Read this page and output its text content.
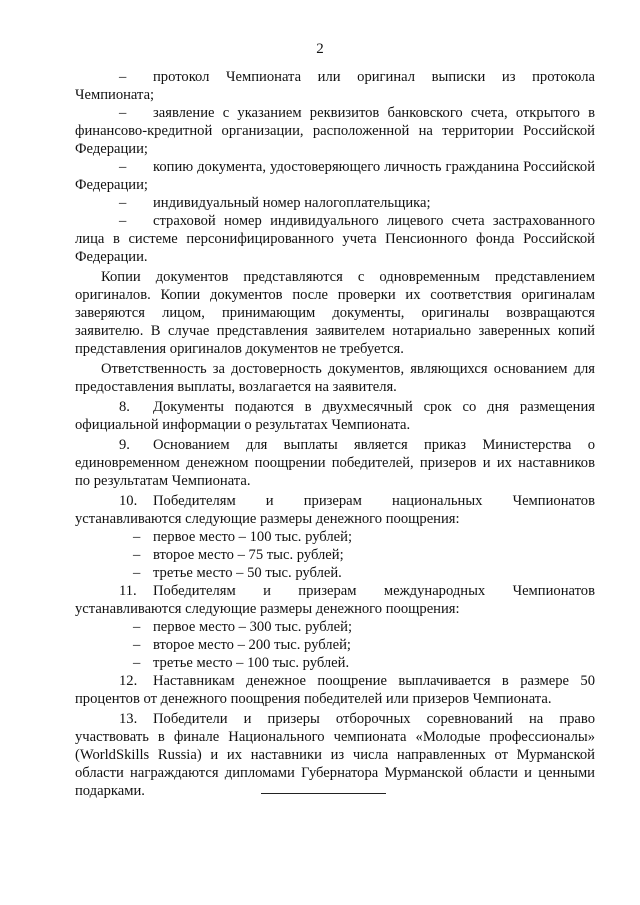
2

– протокол Чемпионата или оригинал выписки из протокола Чемпионата;

– заявление с указанием реквизитов банковского счета, открытого в финансово-кредитной организации, расположенной на территории Российской Федерации;

– копию документа, удостоверяющего личность гражданина Российской Федерации;

– индивидуальный номер налогоплательщика;

– страховой номер индивидуального лицевого счета застрахованного лица в системе персонифицированного учета Пенсионного фонда Российской Федерации.

Копии документов представляются с одновременным представлением оригиналов. Копии документов после проверки их соответствия оригиналам заверяются лицом, принимающим документы, оригиналы возвращаются заявителю. В случае представления заявителем нотариально заверенных копий представления оригиналов документов не требуется.

Ответственность за достоверность документов, являющихся основанием для предоставления выплаты, возлагается на заявителя.

8. Документы подаются в двухмесячный срок со дня размещения официальной информации о результатах Чемпионата.

9. Основанием для выплаты является приказ Министерства о единовременном денежном поощрении победителей, призеров и их наставников по результатам Чемпионата.

10. Победителям и призерам национальных Чемпионатов устанавливаются следующие размеры денежного поощрения:

– первое место – 100 тыс. рублей;
– второе место – 75 тыс. рублей;
– третье место – 50 тыс. рублей.

11. Победителям и призерам международных Чемпионатов устанавливаются следующие размеры денежного поощрения:

– первое место – 300 тыс. рублей;
– второе место – 200 тыс. рублей;
– третье место – 100 тыс. рублей.

12. Наставникам денежное поощрение выплачивается в размере 50 процентов от денежного поощрения победителей или призеров Чемпионата.

13. Победители и призеры отборочных соревнований на право участвовать в финале Национального чемпионата «Молодые профессионалы» (WorldSkills Russia) и их наставники из числа направленных от Мурманской области награждаются дипломами Губернатора Мурманской области и ценными подарками.
